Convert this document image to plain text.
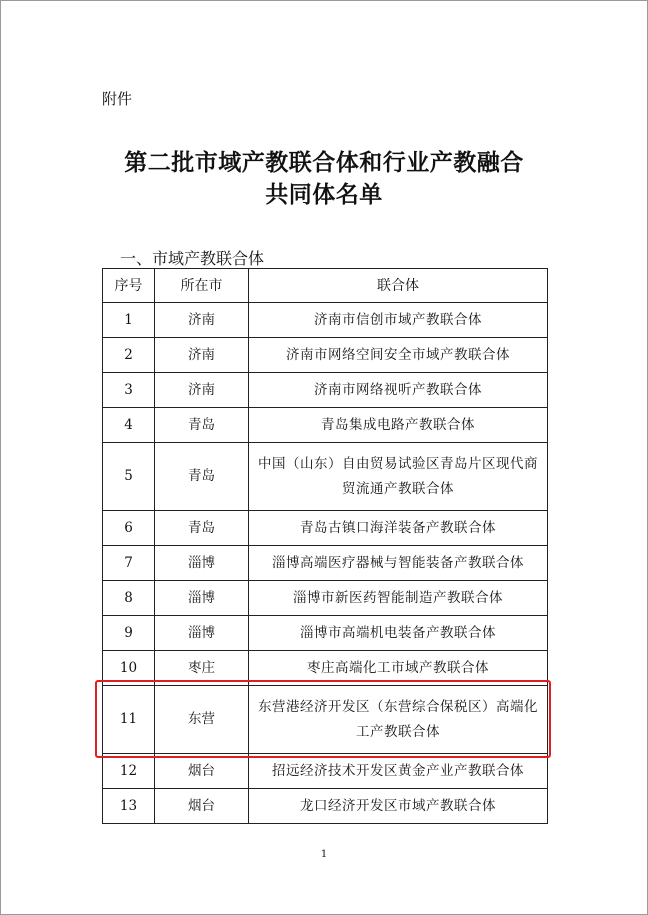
附件
第二批市域产教联合体和行业产教融合
共同体名单
一、市域产教联合体
序号	所在市	联合体
1	济南	济南市信创市域产教联合体
2	济南	济南市网络空间安全市域产教联合体
3	济南	济南市网络视听产教联合体
4	青岛	青岛集成电路产教联合体
5	青岛	中国（山东）自由贸易试验区青岛片区现代商贸流通产教联合体
6	青岛	青岛古镇口海洋装备产教联合体
7	淄博	淄博高端医疗器械与智能装备产教联合体
8	淄博	淄博市新医药智能制造产教联合体
9	淄博	淄博市高端机电装备产教联合体
10	枣庄	枣庄高端化工市域产教联合体
11	东营	东营港经济开发区（东营综合保税区）高端化工产教联合体
12	烟台	招远经济技术开发区黄金产业产教联合体
13	烟台	龙口经济开发区市域产教联合体
1
